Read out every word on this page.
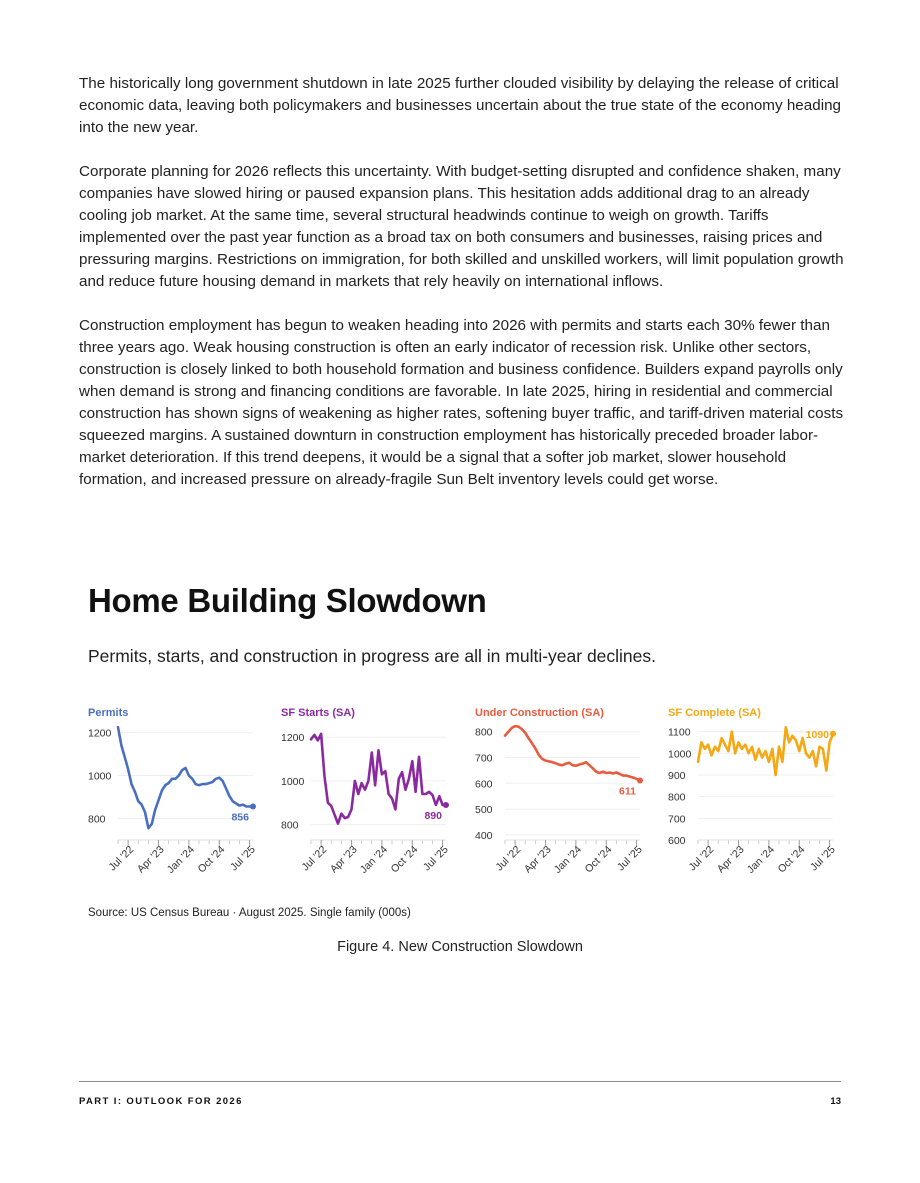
The historically long government shutdown in late 2025 further clouded visibility by delaying the release of critical economic data, leaving both policymakers and businesses uncertain about the true state of the economy heading into the new year.

Corporate planning for 2026 reflects this uncertainty. With budget-setting disrupted and confidence shaken, many companies have slowed hiring or paused expansion plans. This hesitation adds additional drag to an already cooling job market. At the same time, several structural headwinds continue to weigh on growth. Tariffs implemented over the past year function as a broad tax on both consumers and businesses, raising prices and pressuring margins. Restrictions on immigration, for both skilled and unskilled workers, will limit population growth and reduce future housing demand in markets that rely heavily on international inflows.

Construction employment has begun to weaken heading into 2026 with permits and starts each 30% fewer than three years ago. Weak housing construction is often an early indicator of recession risk. Unlike other sectors, construction is closely linked to both household formation and business confidence. Builders expand payrolls only when demand is strong and financing conditions are favorable. In late 2025, hiring in residential and commercial construction has shown signs of weakening as higher rates, softening buyer traffic, and tariff-driven material costs squeezed margins. A sustained downturn in construction employment has historically preceded broader labor-market deterioration. If this trend deepens, it would be a signal that a softer job market, slower household formation, and increased pressure on already-fragile Sun Belt inventory levels could get worse.

Home Building Slowdown

Permits, starts, and construction in progress are all in multi-year declines.

Permits
800
1000
1200
Jul '22
Apr '23
Jan '24
Oct '24 Jul '25
856
SF Starts (SA)
800
1000
1200
Jul '22
Apr '23
Jan '24
Oct '24 Jul '25
890
Under Construction (SA)
400
500
600
700
800
Jul '22
Apr '23
Jan '24
Oct '24 Jul '25
611
SF Complete (SA)
600
700
800
900
1000
1100
Jul '22
Apr '23
Jan '24
Oct '24 Jul '25
1090

Source: US Census Bureau · August 2025. Single family (000s)

Figure 4. New Construction Slowdown

PART I: OUTLOOK FOR 2026	13
